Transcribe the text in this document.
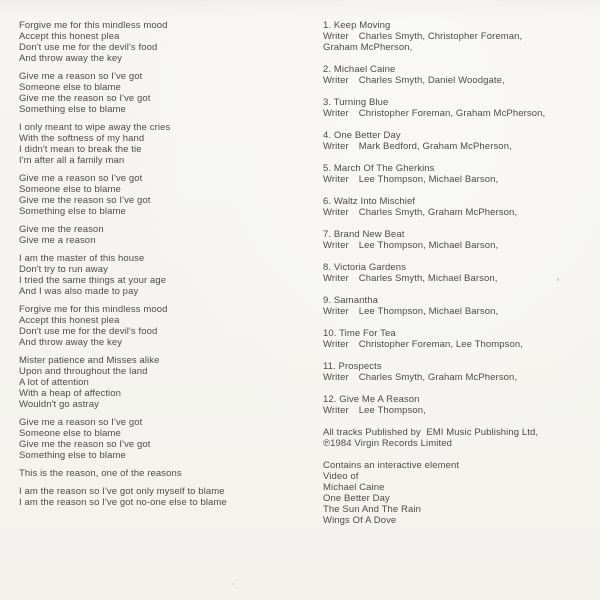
Forgive me for this mindless mood
Accept this honest plea
Don't use me for the devil's food
And throw away the key
Give me a reason so I've got
Someone else to blame
Give me the reason so I've got
Something else to blame
I only meant to wipe away the cries
With the softness of my hand
I didn't mean to break the tie
I'm after all a family man
Give me a reason so I've got
Someone else to blame
Give me the reason so I've got
Something else to blame
Give me the reason
Give me a reason
I am the master of this house
Don't try to run away
I tried the same things at your age
And I was also made to pay
Forgive me for this mindless mood
Accept this honest plea
Don't use me for the devil's food
And throw away the key
Mister patience and Misses alike
Upon and throughout the land
A lot of attention
With a heap of affection
Wouldn't go astray
Give me a reason so I've got
Someone else to blame
Give me the reason so I've got
Something else to blame
This is the reason, one of the reasons
I am the reason so I've got only myself to blame
I am the reason so I've got no-one else to blame
1. Keep Moving
Writer Charles Smyth, Christopher Foreman,
Graham McPherson,
2. Michael Caine
Writer Charles Smyth, Daniel Woodgate,
3. Turning Blue
Writer Christopher Foreman, Graham McPherson,
4. One Better Day
Writer Mark Bedford, Graham McPherson,
5. March Of The Gherkins
Writer Lee Thompson, Michael Barson,
6. Waltz Into Mischief
Writer Charles Smyth, Graham McPherson,
7. Brand New Beat
Writer Lee Thompson, Michael Barson,
8. Victoria Gardens
Writer Charles Smyth, Michael Barson,
9. Samantha
Writer Lee Thompson, Michael Barson,
10. Time For Tea
Writer Christopher Foreman, Lee Thompson,
11. Prospects
Writer Charles Smyth, Graham McPherson,
12. Give Me A Reason
Writer Lee Thompson,
All tracks Published by  EMI Music Publishing Ltd,
℗1984 Virgin Records Limited
Contains an interactive element
Video of
Michael Caine
One Better Day
The Sun And The Rain
Wings Of A Dove
